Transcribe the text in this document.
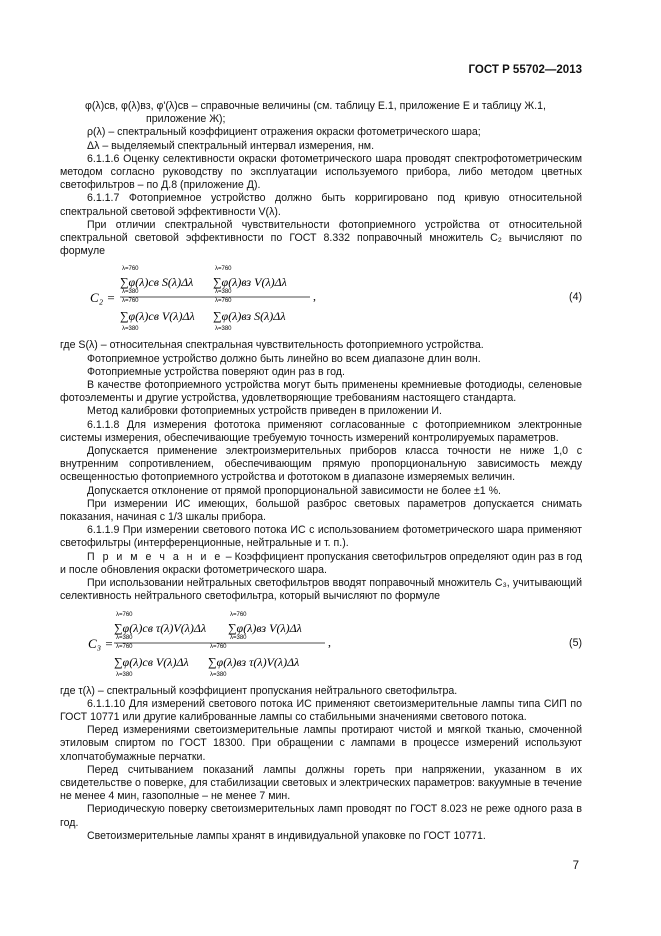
ГОСТ Р 55702—2013

φ(λ)св, φ(λ)вз, φ'(λ)св – справочные величины (см. таблицу Е.1, приложение Е и таблицу Ж.1,
приложение Ж);

ρ(λ) – спектральный коэффициент отражения окраски фотометрического шара;

Δλ – выделяемый спектральный интервал измерения, нм.

6.1.1.6 Оценку селективности окраски фотометрического шара проводят спектрофотометрическим методом согласно руководству по эксплуатации используемого прибора, либо методом цветных светофильтров – по Д.8 (приложение Д).

6.1.1.7 Фотоприемное устройство должно быть корригировано под кривую относительной спектральной световой эффективности V(λ).

При отличии спектральной чувствительности фотоприемного устройства от относительной спектральной световой эффективности по ГОСТ 8.332 поправочный множитель C₂ вычисляют по формуле

C₂ =
λ=760
λ=380
∑φ(λ)св S(λ)Δλ
λ=760
λ=380
∑φ(λ)вз V(λ)Δλ
λ=760
λ=380
∑φ(λ)св V(λ)Δλ
λ=760
λ=380
∑φ(λ)вз S(λ)Δλ
,	(4)

где S(λ) – относительная спектральная чувствительность фотоприемного устройства.

Фотоприемное устройство должно быть линейно во всем диапазоне длин волн.

Фотоприемные устройства поверяют один раз в год.

В качестве фотоприемного устройства могут быть применены кремниевые фотодиоды, селеновые фотоэлементы и другие устройства, удовлетворяющие требованиям настоящего стандарта.

Метод калибровки фотоприемных устройств приведен в приложении И.

6.1.1.8 Для измерения фототока применяют согласованные с фотоприемником электронные системы измерения, обеспечивающие требуемую точность измерений контролируемых параметров.

Допускается применение электроизмерительных приборов класса точности не ниже 1,0 с внутренним сопротивлением, обеспечивающим прямую пропорциональную зависимость между освещенностью фотоприемного устройства и фототоком в диапазоне измеряемых величин.

Допускается отклонение от прямой пропорциональной зависимости не более ±1 %.

При измерении ИС имеющих, большой разброс световых параметров допускается снимать показания, начиная с 1/3 шкалы прибора.

6.1.1.9 При измерении светового потока ИС с использованием фотометрического шара применяют светофильтры (интерференционные, нейтральные и т. п.).

П р и м е ч а н и е – Коэффициент пропускания светофильтров определяют один раз в год и после обновления окраски фотометрического шара.

При использовании нейтральных светофильтров вводят поправочный множитель C₃, учитывающий селективность нейтрального светофильтра, который вычисляют по формуле

C₃ =
λ=760
λ=380
∑φ(λ)св τ(λ)V(λ)Δλ
λ=760
λ=380
∑φ(λ)вз V(λ)Δλ
λ=760
λ=380
∑φ(λ)св V(λ)Δλ
λ=760
λ=380
∑φ(λ)вз τ(λ)V(λ)Δλ
,	(5)

где τ(λ) – спектральный коэффициент пропускания нейтрального светофильтра.

6.1.1.10 Для измерений светового потока ИС применяют светоизмерительные лампы типа СИП по ГОСТ 10771 или другие калиброванные лампы со стабильными значениями светового потока.

Перед измерениями светоизмерительные лампы протирают чистой и мягкой тканью, смоченной этиловым спиртом по ГОСТ 18300. При обращении с лампами в процессе измерений используют хлопчатобумажные перчатки.

Перед считыванием показаний лампы должны гореть при напряжении, указанном в их свидетельстве о поверке, для стабилизации световых и электрических параметров: вакуумные в течение не менее 4 мин, газополные – не менее 7 мин.

Периодическую поверку светоизмерительных ламп проводят по ГОСТ 8.023 не реже одного раза в год.

Светоизмерительные лампы хранят в индивидуальной упаковке по ГОСТ 10771.

7
